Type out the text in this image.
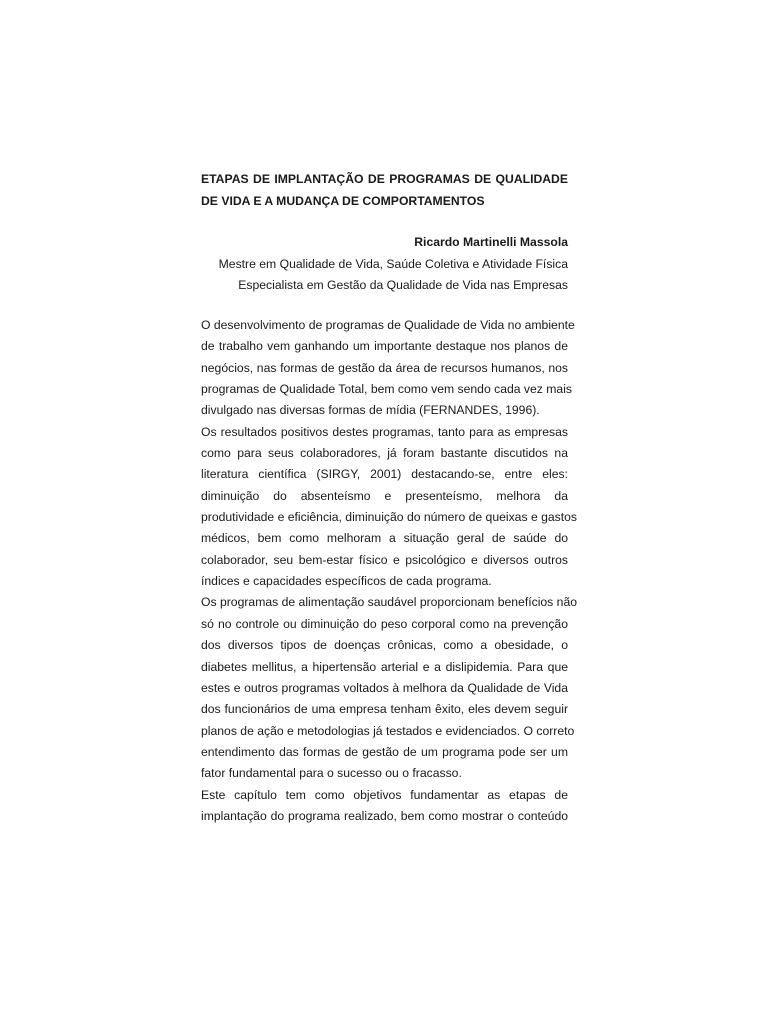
ETAPAS DE IMPLANTAÇÃO DE PROGRAMAS DE QUALIDADE
DE VIDA E A MUDANÇA DE COMPORTAMENTOS
Ricardo Martinelli Massola
Mestre em Qualidade de Vida, Saúde Coletiva e Atividade Física
Especialista em Gestão da Qualidade de Vida nas Empresas

O desenvolvimento de programas de Qualidade de Vida no ambiente
de trabalho vem ganhando um importante destaque nos planos de
negócios, nas formas de gestão da área de recursos humanos, nos
programas de Qualidade Total, bem como vem sendo cada vez mais
divulgado nas diversas formas de mídia (FERNANDES, 1996).

Os resultados positivos destes programas, tanto para as empresas
como para seus colaboradores, já foram bastante discutidos na
literatura científica (SIRGY, 2001) destacando-se, entre eles:
diminuição do absenteísmo e presenteísmo, melhora da
produtividade e eficiência, diminuição do número de queixas e gastos
médicos, bem como melhoram a situação geral de saúde do
colaborador, seu bem-estar físico e psicológico e diversos outros
índices e capacidades específicos de cada programa.

Os programas de alimentação saudável proporcionam benefícios não
só no controle ou diminuição do peso corporal como na prevenção
dos diversos tipos de doenças crônicas, como a obesidade, o
diabetes mellitus, a hipertensão arterial e a dislipidemia. Para que
estes e outros programas voltados à melhora da Qualidade de Vida
dos funcionários de uma empresa tenham êxito, eles devem seguir
planos de ação e metodologias já testados e evidenciados. O correto
entendimento das formas de gestão de um programa pode ser um
fator fundamental para o sucesso ou o fracasso.

Este capítulo tem como objetivos fundamentar as etapas de
implantação do programa realizado, bem como mostrar o conteúdo
